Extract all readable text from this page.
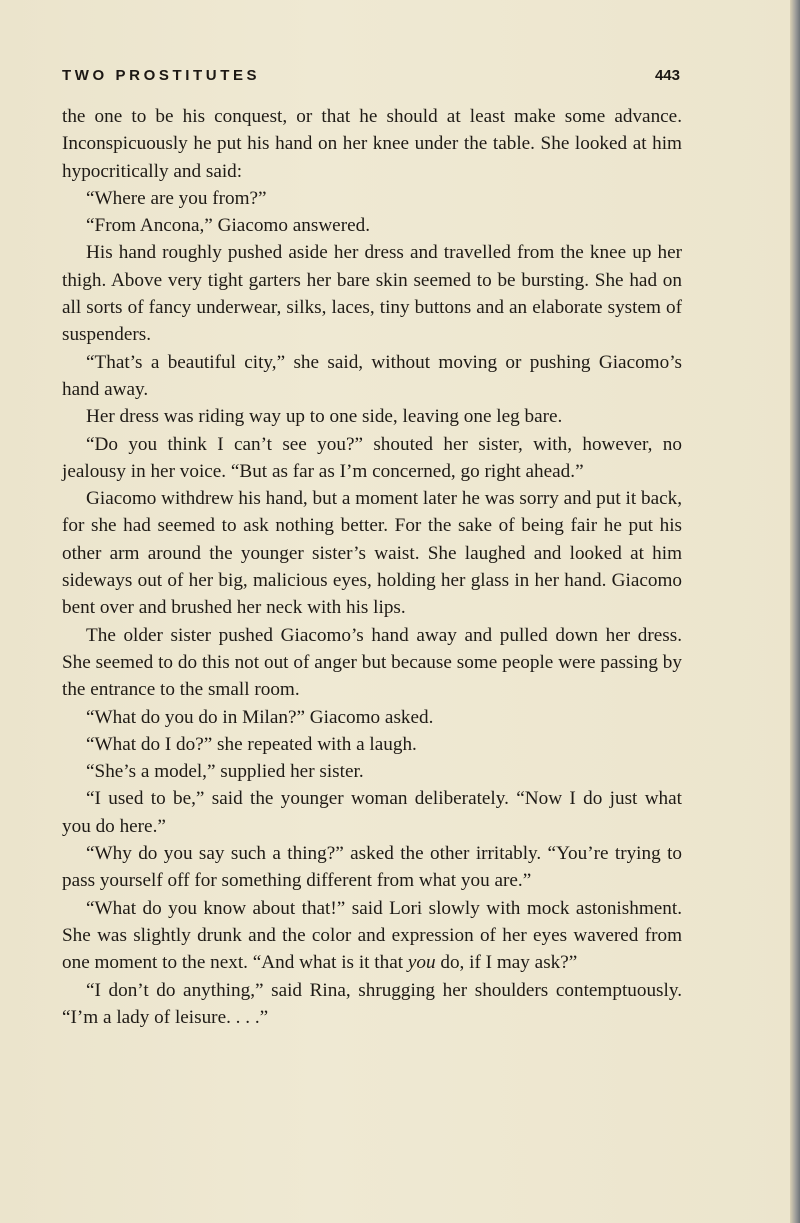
TWO PROSTITUTES	443

the one to be his conquest, or that he should at least make some advance. Inconspicuously he put his hand on her knee under the table. She looked at him hypocritically and said:

“Where are you from?”

“From Ancona,” Giacomo answered.

His hand roughly pushed aside her dress and travelled from the knee up her thigh. Above very tight garters her bare skin seemed to be bursting. She had on all sorts of fancy underwear, silks, laces, tiny buttons and an elaborate system of suspenders.

“That’s a beautiful city,” she said, without moving or pushing Giacomo’s hand away.

Her dress was riding way up to one side, leaving one leg bare.

“Do you think I can’t see you?” shouted her sister, with, however, no jealousy in her voice. “But as far as I’m concerned, go right ahead.”

Giacomo withdrew his hand, but a moment later he was sorry and put it back, for she had seemed to ask nothing better. For the sake of being fair he put his other arm around the younger sister’s waist. She laughed and looked at him sideways out of her big, malicious eyes, holding her glass in her hand. Giacomo bent over and brushed her neck with his lips.

The older sister pushed Giacomo’s hand away and pulled down her dress. She seemed to do this not out of anger but because some people were passing by the entrance to the small room.

“What do you do in Milan?” Giacomo asked.

“What do I do?” she repeated with a laugh.

“She’s a model,” supplied her sister.

“I used to be,” said the younger woman deliberately. “Now I do just what you do here.”

“Why do you say such a thing?” asked the other irritably. “You’re trying to pass yourself off for something different from what you are.”

“What do you know about that!” said Lori slowly with mock astonishment. She was slightly drunk and the color and expression of her eyes wavered from one moment to the next. “And what is it that you do, if I may ask?”

“I don’t do anything,” said Rina, shrugging her shoulders contemptuously. “I’m a lady of leisure. . . .”
